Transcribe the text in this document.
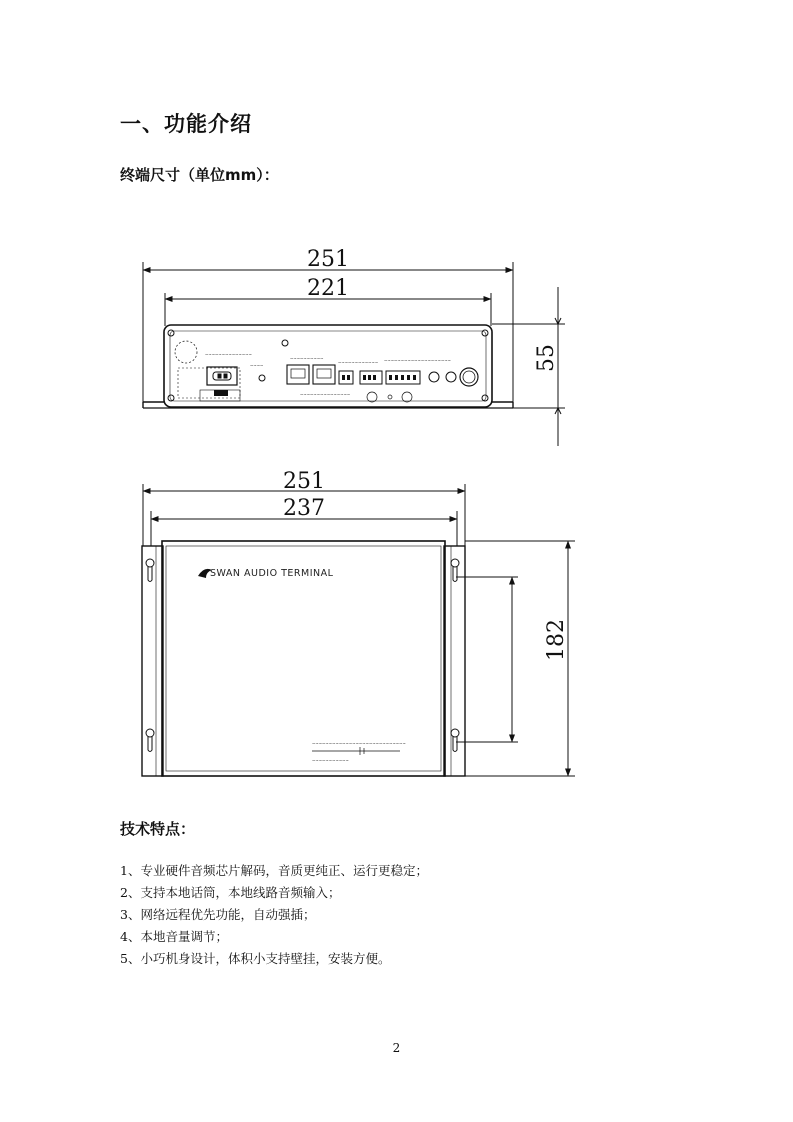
一、功能介绍
终端尺寸（单位mm）：
~~~~~~~~~~~~~~
~~~~
~~~~~~~~~~
~~~~~~~~~~~~ ~~~~~~~~~~~~~~~~~~~~
~~~~~~~~~~~~~~~
251
221
55
SWAN AUDIO TERMINAL
~~~~~~~~~~~~~~~~~~~~~~~~~~~~
~~~~~~~~~~~
251
237
182
技术特点：
1、专业硬件音频芯片解码，音质更纯正、运行更稳定；
2、支持本地话筒，本地线路音频输入；
3、网络远程优先功能，自动强插；
4、本地音量调节；
5、小巧机身设计，体积小支持壁挂，安装方便。
2
